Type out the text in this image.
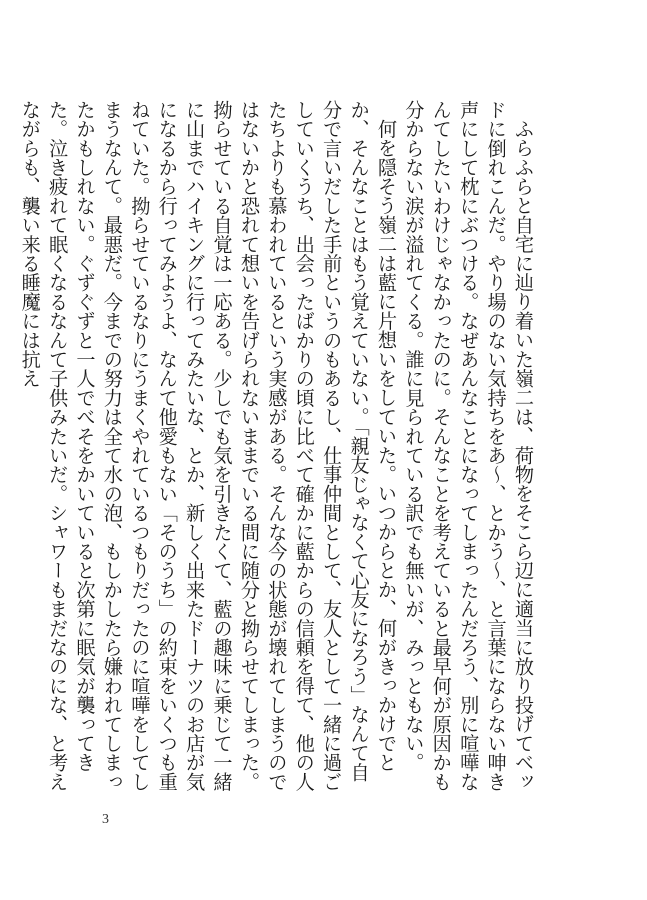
ふらふらと自宅に辿り着いた嶺二は、荷物をそこら辺に適当に放り投げてベッドに倒れこんだ。やり場のない気持ちをあ〜、とかう〜、と言葉にならない呻き声にして枕にぶつける。なぜあんなことになってしまったんだろう、別に喧嘩なんてしたいわけじゃなかったのに。そんなことを考えていると最早何が原因かも分からない涙が溢れてくる。誰に見られている訳でも無いが、みっともない。

何を隠そう嶺二は藍に片想いをしていた。いつからとか、何がきっかけでとか、そんなことはもう覚えていない。「親友じゃなくて心友になろう」なんて自分で言いだした手前というのもあるし、仕事仲間として、友人として一緒に過ごしていくうち、出会ったばかりの頃に比べて確かに藍からの信頼を得て、他の人たちよりも慕われているという実感がある。そんな今の状態が壊れてしまうのではないかと恐れて想いを告げられないままでいる間に随分と拗らせてしまった。拗らせている自覚は一応ある。少しでも気を引きたくて、藍の趣味に乗じて一緒に山までハイキングに行ってみたいな、とか、新しく出来たドーナツのお店が気になるから行ってみようよ、なんて他愛もない「そのうち」の約束をいくつも重ねていた。拗らせているなりにうまくやれているつもりだったのに喧嘩をしてしまうなんて。最悪だ。今までの努力は全て水の泡、もしかしたら嫌われてしまったかもしれない。ぐずぐずと一人でべそをかいていると次第に眠気が襲ってきた。泣き疲れて眠くなるなんて子供みたいだ。シャワーもまだなのにな、と考えながらも、襲い来る睡魔には抗え

3
